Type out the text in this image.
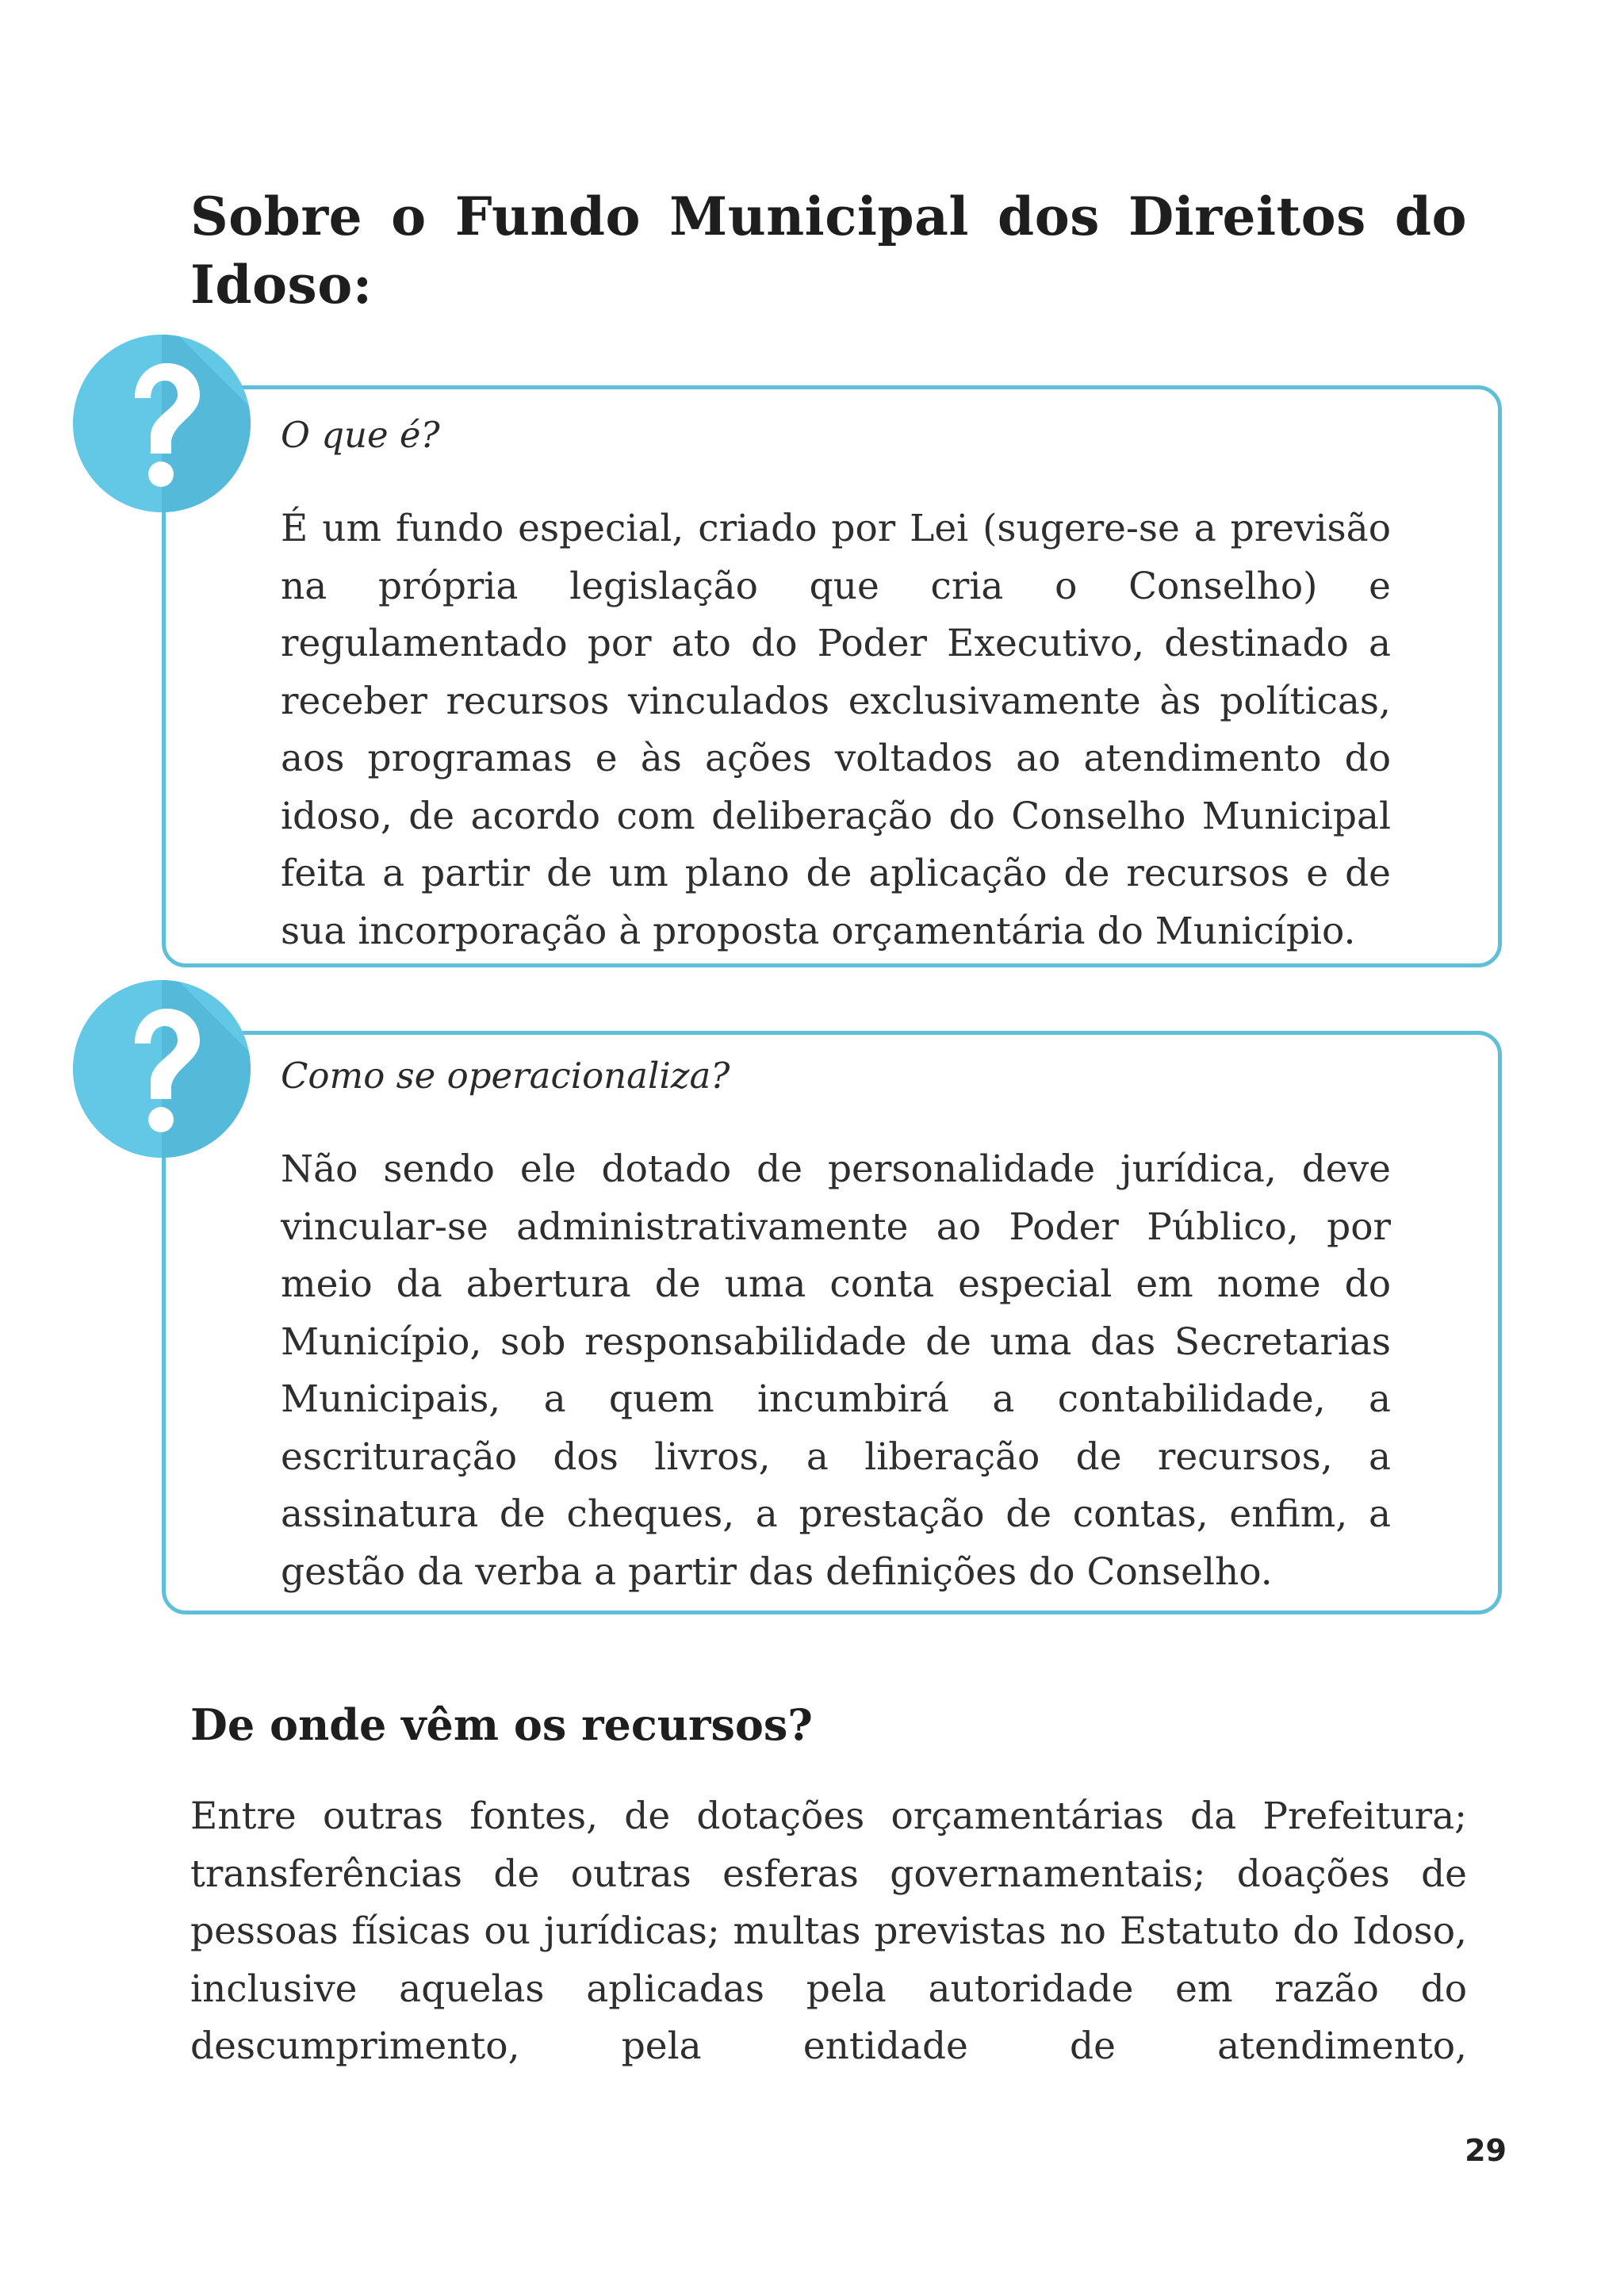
Sobre o Fundo Municipal dos Direitos do Idoso:
O que é?

É um fundo especial, criado por Lei (sugere-se a previsão na própria legislação que cria o Conselho) e regulamentado por ato do Poder Executivo, destinado a receber recursos vinculados exclusivamente às políticas, aos programas e às ações voltados ao atendimento do idoso, de acordo com deliberação do Conselho Municipal feita a partir de um plano de aplicação de recursos e de sua incorporação à proposta orçamentária do Município.

Como se operacionaliza?

Não sendo ele dotado de personalidade jurídica, deve vincular-se administrativamente ao Poder Público, por meio da abertura de uma conta especial em nome do Município, sob responsabilidade de uma das Secretarias Municipais, a quem incumbirá a contabilidade, a escrituração dos livros, a liberação de recursos, a assinatura de cheques, a prestação de contas, enfim, a gestão da verba a partir das definições do Conselho.

De onde vêm os recursos?

Entre outras fontes, de dotações orçamentárias da Prefeitura; transferências de outras esferas governamentais; doações de pessoas físicas ou jurídicas; multas previstas no Estatuto do Idoso, inclusive aquelas aplicadas pela autoridade em razão do descumprimento, pela entidade de atendimento,

29
